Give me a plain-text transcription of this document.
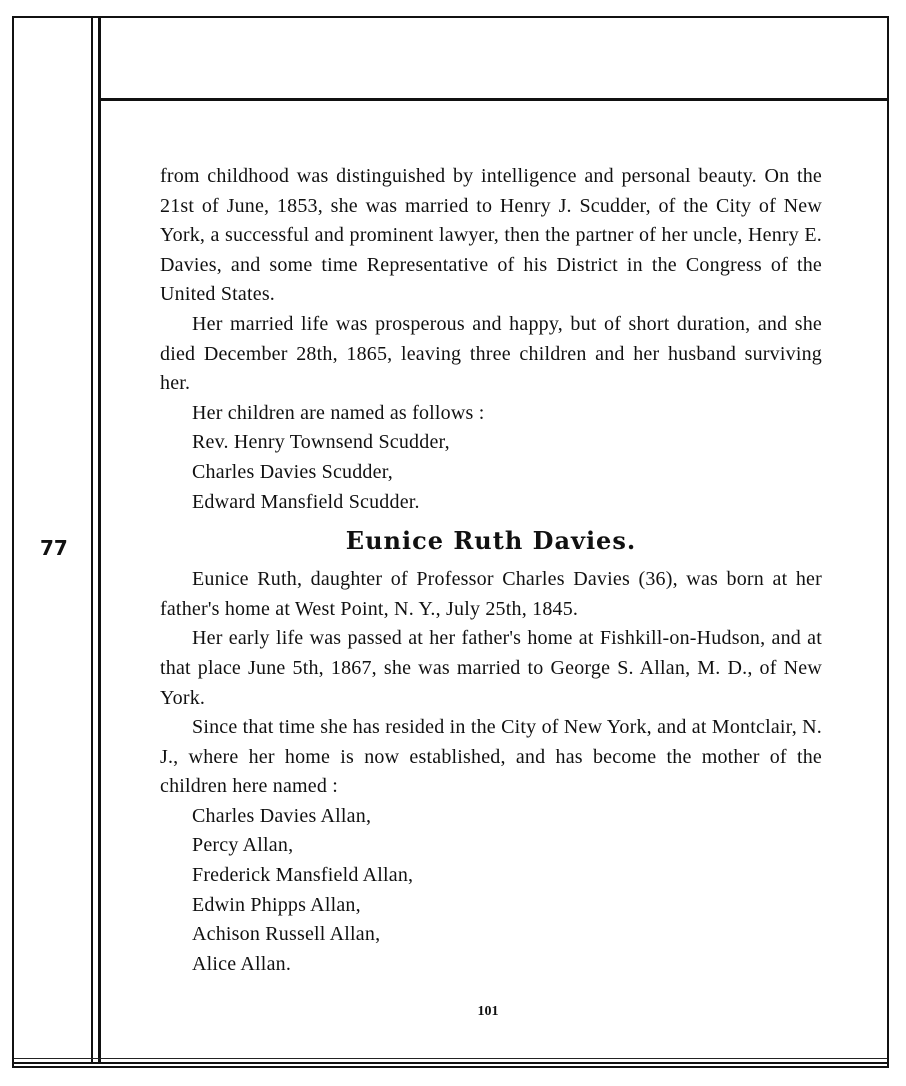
from childhood was distinguished by intelligence and personal beauty. On the 21st of June, 1853, she was married to Henry J. Scudder, of the City of New York, a successful and prominent lawyer, then the partner of her uncle, Henry E. Davies, and some time Representative of his District in the Congress of the United States.

Her married life was prosperous and happy, but of short duration, and she died December 28th, 1865, leaving three children and her husband surviving her.

Her children are named as follows :

Rev. Henry Townsend Scudder,
Charles Davies Scudder,
Edward Mansfield Scudder.
Eunice Ruth Davies.

Eunice Ruth, daughter of Professor Charles Davies (36), was born at her father's home at West Point, N. Y., July 25th, 1845.

Her early life was passed at her father's home at Fishkill-on-Hudson, and at that place June 5th, 1867, she was married to George S. Allan, M. D., of New York.

Since that time she has resided in the City of New York, and at Montclair, N. J., where her home is now established, and has become the mother of the children here named :

Charles Davies Allan,
Percy Allan,
Frederick Mansfield Allan,
Edwin Phipps Allan,
Achison Russell Allan,
Alice Allan.
77
101
